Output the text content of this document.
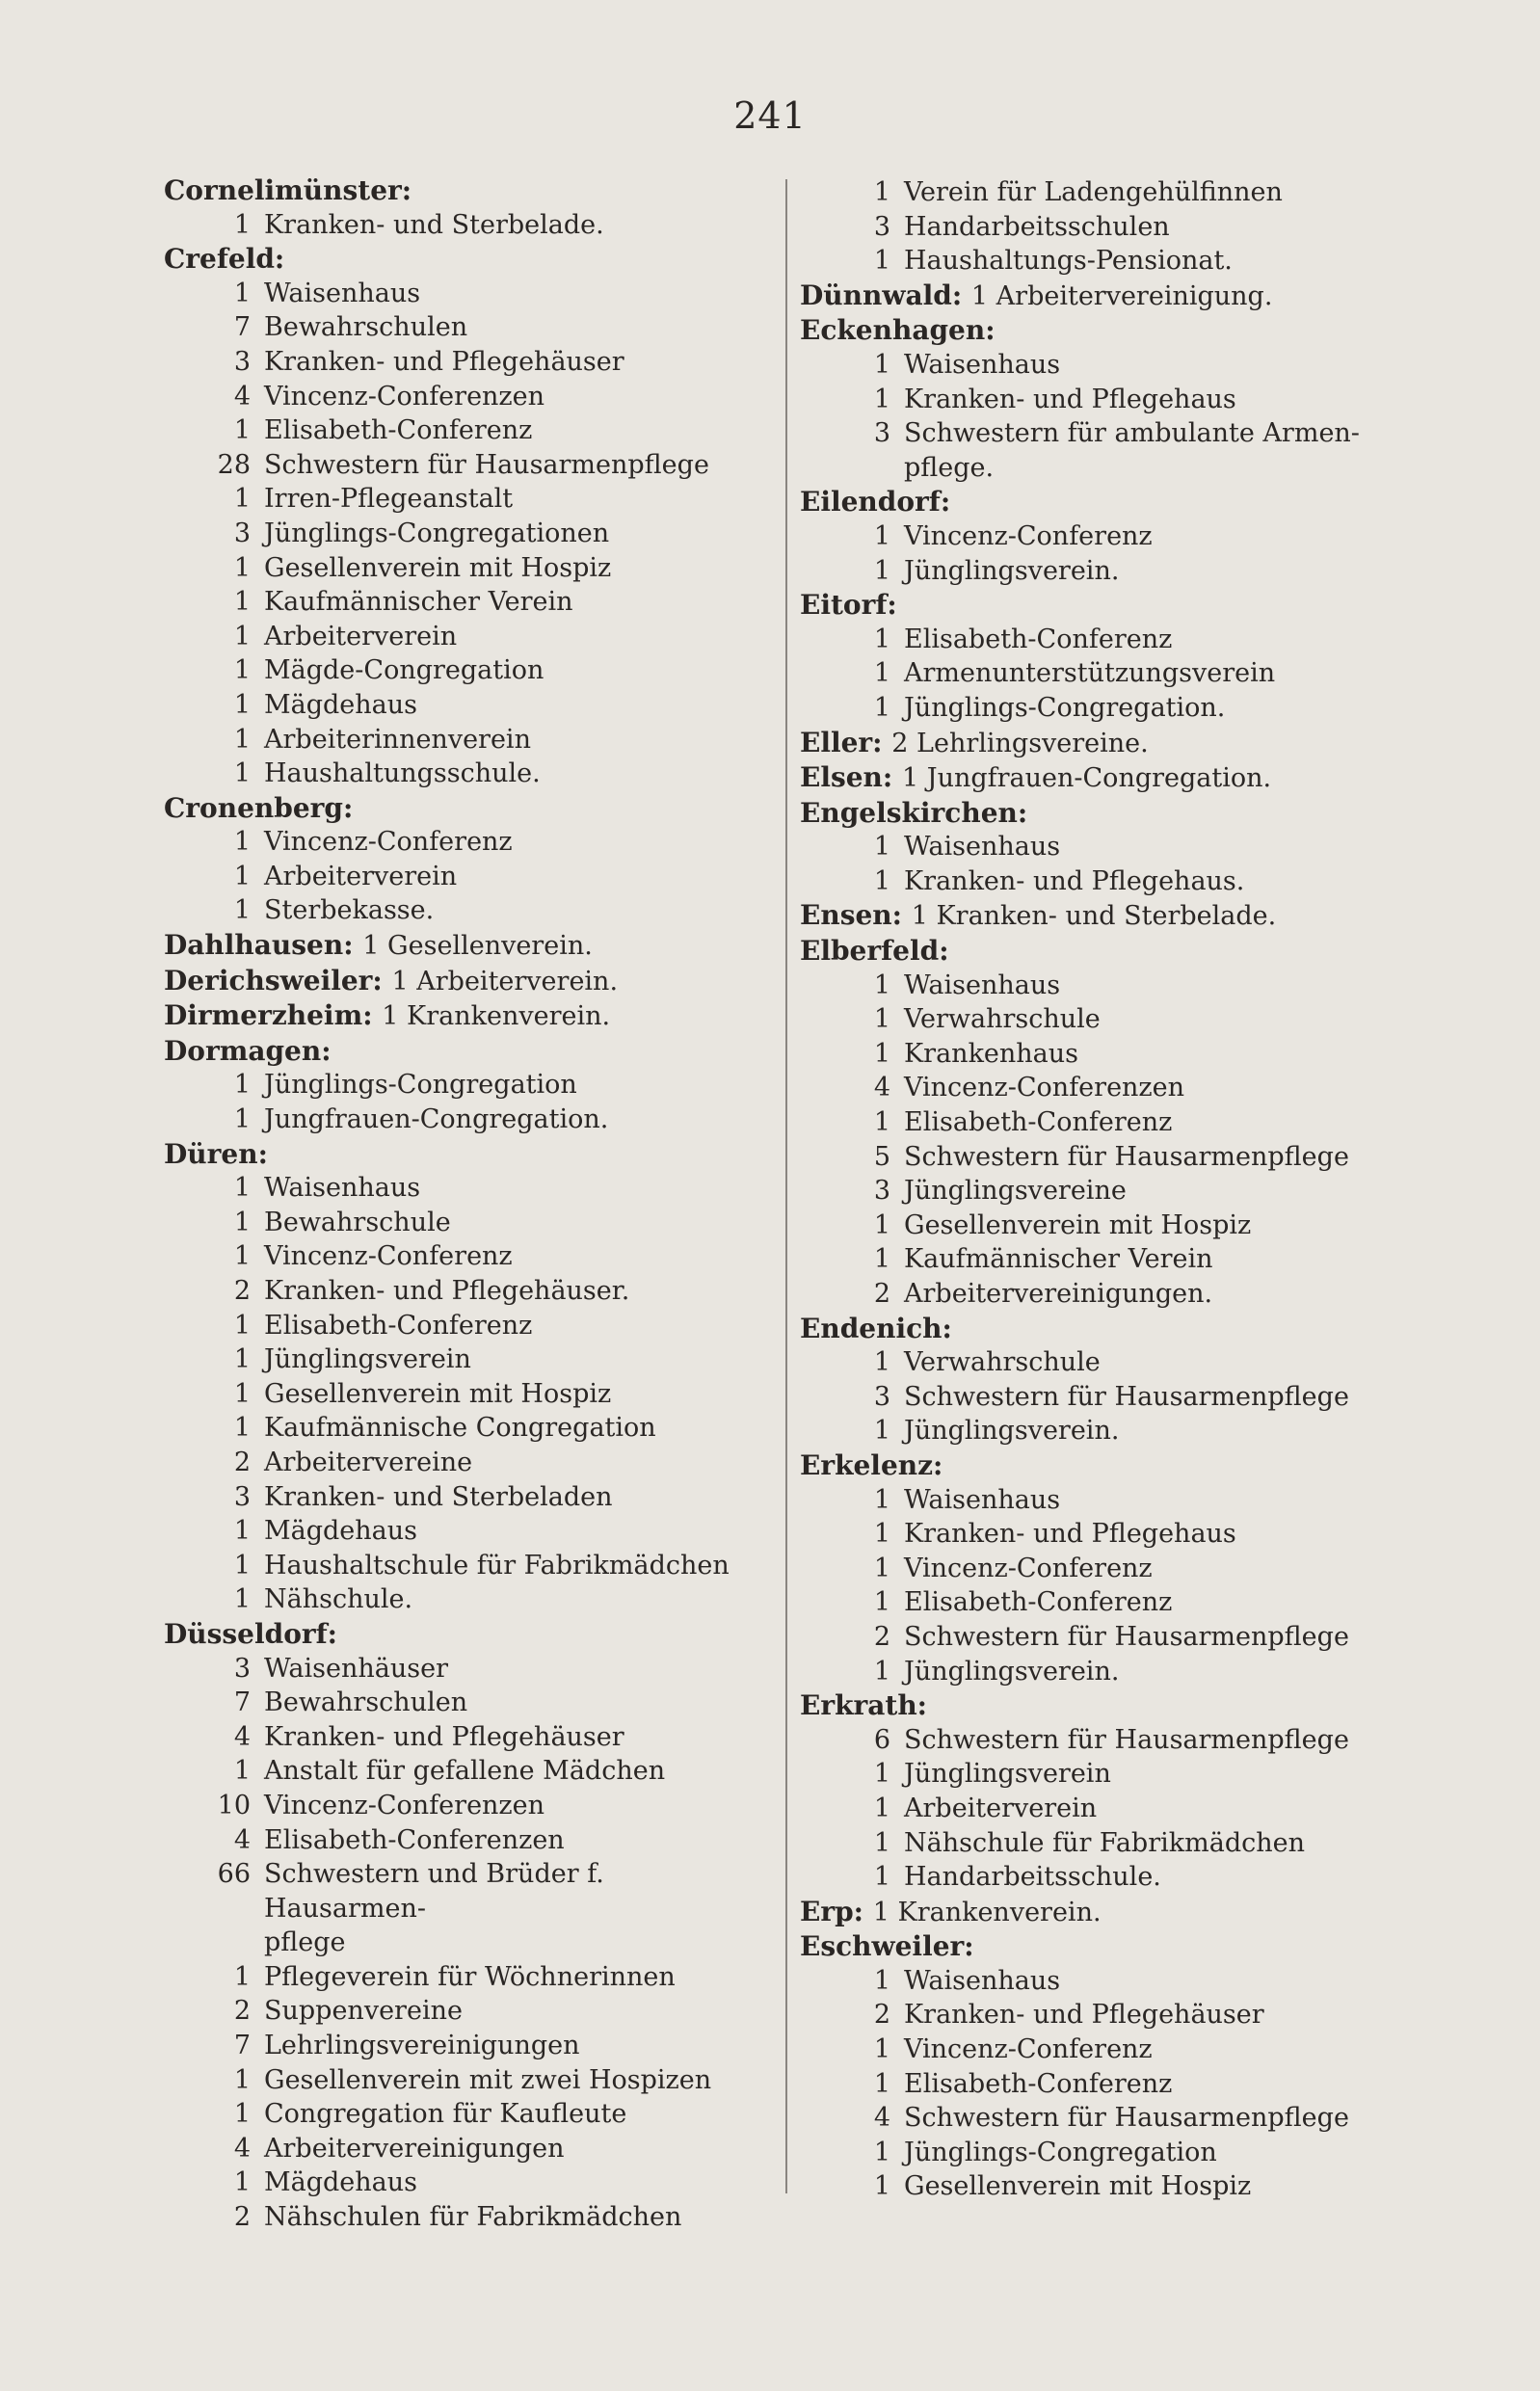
241
Cornelimünster:
1 Kranken- und Sterbelade.
Crefeld:
1 Waisenhaus
7 Bewahrschulen
3 Kranken- und Pflegehäuser
4 Vincenz-Conferenzen
1 Elisabeth-Conferenz
28 Schwestern für Hausarmenpflege
1 Irren-Pflegeanstalt
3 Jünglings-Congregationen
1 Gesellenverein mit Hospiz
1 Kaufmännischer Verein
1 Arbeiterverein
1 Mägde-Congregation
1 Mägdehaus
1 Arbeiterinnenverein
1 Haushaltungsschule.
Cronenberg:
1 Vincenz-Conferenz
1 Arbeiterverein
1 Sterbekasse.
Dahlhausen: 1 Gesellenverein.
Derichsweiler: 1 Arbeiterverein.
Dirmerzheim: 1 Krankenverein.
Dormagen:
1 Jünglings-Congregation
1 Jungfrauen-Congregation.
Düren:
1 Waisenhaus
1 Bewahrschule
1 Vincenz-Conferenz
2 Kranken- und Pflegehäuser.
1 Elisabeth-Conferenz
1 Jünglingsverein
1 Gesellenverein mit Hospiz
1 Kaufmännische Congregation
2 Arbeitervereine
3 Kranken- und Sterbeladen
1 Mägdehaus
1 Haushaltschule für Fabrikmädchen
1 Nähschule.
Düsseldorf:
3 Waisenhäuser
7 Bewahrschulen
4 Kranken- und Pflegehäuser
1 Anstalt für gefallene Mädchen
10 Vincenz-Conferenzen
4 Elisabeth-Conferenzen
66 Schwestern und Brüder f. Hausarmen-
pflege
1 Pflegeverein für Wöchnerinnen
2 Suppenvereine
7 Lehrlingsvereinigungen
1 Gesellenverein mit zwei Hospizen
1 Congregation für Kaufleute
4 Arbeitervereinigungen
1 Mägdehaus
2 Nähschulen für Fabrikmädchen
1 Verein für Ladengehülfinnen
3 Handarbeitsschulen
1 Haushaltungs-Pensionat.
Dünnwald: 1 Arbeitervereinigung.
Eckenhagen:
1 Waisenhaus
1 Kranken- und Pflegehaus
3 Schwestern für ambulante Armen-
pflege.
Eilendorf:
1 Vincenz-Conferenz
1 Jünglingsverein.
Eitorf:
1 Elisabeth-Conferenz
1 Armenunterstützungsverein
1 Jünglings-Congregation.
Eller: 2 Lehrlingsvereine.
Elsen: 1 Jungfrauen-Congregation.
Engelskirchen:
1 Waisenhaus
1 Kranken- und Pflegehaus.
Ensen: 1 Kranken- und Sterbelade.
Elberfeld:
1 Waisenhaus
1 Verwahrschule
1 Krankenhaus
4 Vincenz-Conferenzen
1 Elisabeth-Conferenz
5 Schwestern für Hausarmenpflege
3 Jünglingsvereine
1 Gesellenverein mit Hospiz
1 Kaufmännischer Verein
2 Arbeitervereinigungen.
Endenich:
1 Verwahrschule
3 Schwestern für Hausarmenpflege
1 Jünglingsverein.
Erkelenz:
1 Waisenhaus
1 Kranken- und Pflegehaus
1 Vincenz-Conferenz
1 Elisabeth-Conferenz
2 Schwestern für Hausarmenpflege
1 Jünglingsverein.
Erkrath:
6 Schwestern für Hausarmenpflege
1 Jünglingsverein
1 Arbeiterverein
1 Nähschule für Fabrikmädchen
1 Handarbeitsschule.
Erp: 1 Krankenverein.
Eschweiler:
1 Waisenhaus
2 Kranken- und Pflegehäuser
1 Vincenz-Conferenz
1 Elisabeth-Conferenz
4 Schwestern für Hausarmenpflege
1 Jünglings-Congregation
1 Gesellenverein mit Hospiz
